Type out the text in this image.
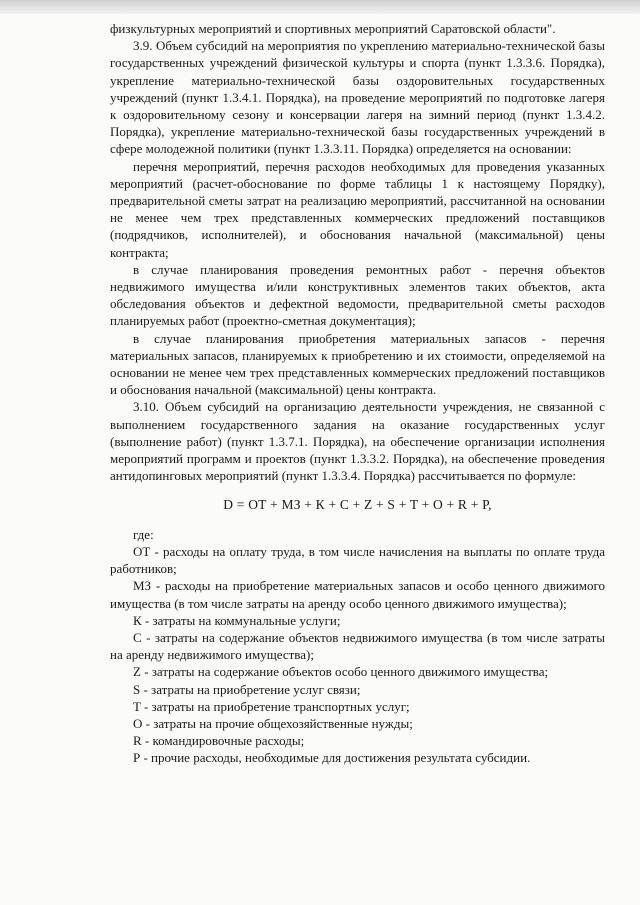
физкультурных мероприятий и спортивных мероприятий Саратовской области".

3.9. Объем субсидий на мероприятия по укреплению материально-технической базы государственных учреждений физической культуры и спорта (пункт 1.3.3.6. Порядка), укрепление материально-технической базы оздоровительных государственных учреждений (пункт 1.3.4.1. Порядка), на проведение мероприятий по подготовке лагеря к оздоровительному сезону и консервации лагеря на зимний период (пункт 1.3.4.2. Порядка), укрепление материально-технической базы государственных учреждений в сфере молодежной политики (пункт 1.3.3.11. Порядка) определяется на основании:

перечня мероприятий, перечня расходов необходимых для проведения указанных мероприятий (расчет-обоснование по форме таблицы 1 к настоящему Порядку), предварительной сметы затрат на реализацию мероприятий, рассчитанной на основании не менее чем трех представленных коммерческих предложений поставщиков (подрядчиков, исполнителей), и обоснования начальной (максимальной) цены контракта;

в случае планирования проведения ремонтных работ - перечня объектов недвижимого имущества и/или конструктивных элементов таких объектов, акта обследования объектов и дефектной ведомости, предварительной сметы расходов планируемых работ (проектно-сметная документация);

в случае планирования приобретения материальных запасов - перечня материальных запасов, планируемых к приобретению и их стоимости, определяемой на основании не менее чем трех представленных коммерческих предложений поставщиков и обоснования начальной (максимальной) цены контракта.

3.10. Объем субсидий на организацию деятельности учреждения, не связанной с выполнением государственного задания на оказание государственных услуг (выполнение работ) (пункт 1.3.7.1. Порядка), на обеспечение организации исполнения мероприятий программ и проектов (пункт 1.3.3.2. Порядка), на обеспечение проведения антидопинговых мероприятий (пункт 1.3.3.4. Порядка) рассчитывается по формуле:

D = ОТ + МЗ + К + С + Z + S + T + О + R + Р,

где:

ОТ - расходы на оплату труда, в том числе начисления на выплаты по оплате труда работников;

МЗ - расходы на приобретение материальных запасов и особо ценного движимого имущества (в том числе затраты на аренду особо ценного движимого имущества);

К - затраты на коммунальные услуги;

С - затраты на содержание объектов недвижимого имущества (в том числе затраты на аренду недвижимого имущества);

Z - затраты на содержание объектов особо ценного движимого имущества;

S - затраты на приобретение услуг связи;

T - затраты на приобретение транспортных услуг;

О - затраты на прочие общехозяйственные нужды;

R - командировочные расходы;

Р - прочие расходы, необходимые для достижения результата субсидии.
